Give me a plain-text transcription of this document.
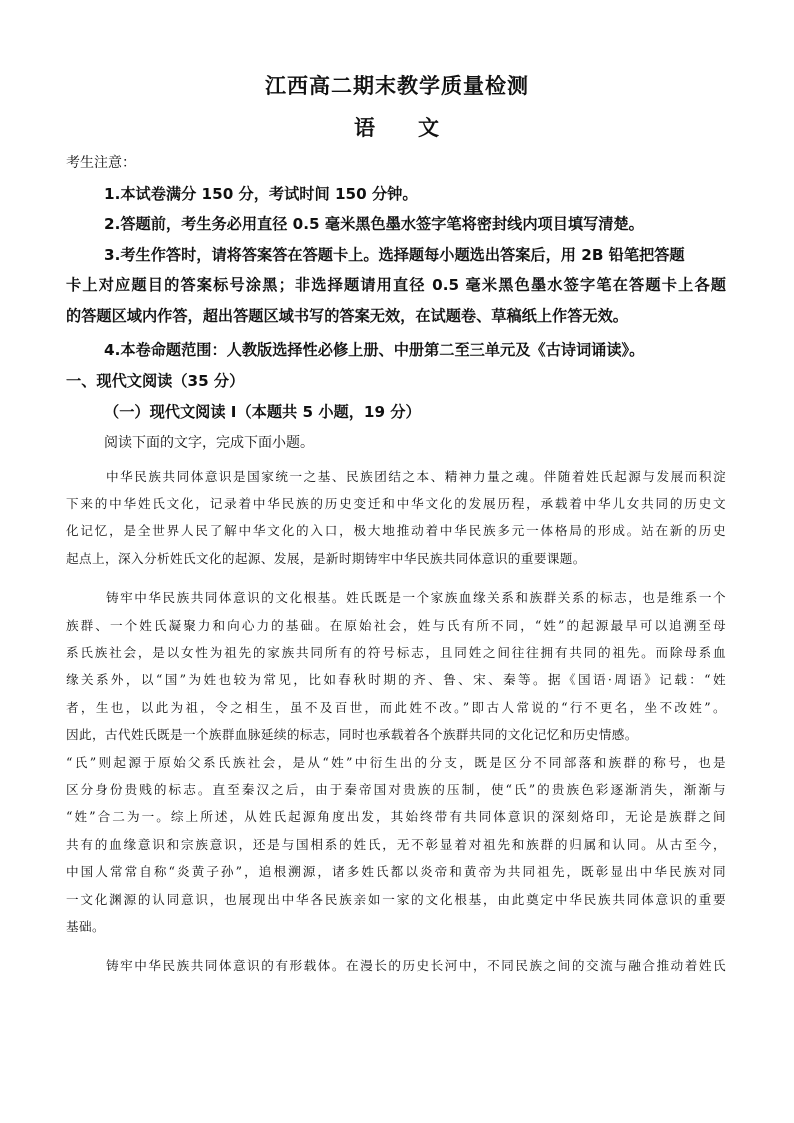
江西高二期末教学质量检测
语 文
考生注意：
1.本试卷满分 150 分，考试时间 150 分钟。
2.答题前，考生务必用直径 0.5 毫米黑色墨水签字笔将密封线内项目填写清楚。
3.考生作答时，请将答案答在答题卡上。选择题每小题选出答案后，用 2B 铅笔把答题
卡上对应题目的答案标号涂黑；非选择题请用直径 0.5 毫米黑色墨水签字笔在答题卡上各题
的答题区域内作答，超出答题区域书写的答案无效，在试题卷、草稿纸上作答无效。
4.本卷命题范围：人教版选择性必修上册、中册第二至三单元及《古诗词诵读》。
一、现代文阅读（35 分）
（一）现代文阅读 I（本题共 5 小题，19 分）
阅读下面的文字，完成下面小题。
中华民族共同体意识是国家统一之基、民族团结之本、精神力量之魂。伴随着姓氏起源与发展而积淀
下来的中华姓氏文化，记录着中华民族的历史变迁和中华文化的发展历程，承载着中华儿女共同的历史文
化记忆，是全世界人民了解中华文化的入口，极大地推动着中华民族多元一体格局的形成。站在新的历史
起点上，深入分析姓氏文化的起源、发展，是新时期铸牢中华民族共同体意识的重要课题。
铸牢中华民族共同体意识的文化根基。姓氏既是一个家族血缘关系和族群关系的标志，也是维系一个
族群、一个姓氏凝聚力和向心力的基础。在原始社会，姓与氏有所不同，“姓”的起源最早可以追溯至母
系氏族社会，是以女性为祖先的家族共同所有的符号标志，且同姓之间往往拥有共同的祖先。而除母系血
缘关系外，以“国”为姓也较为常见，比如春秋时期的齐、鲁、宋、秦等。据《国语·周语》记载：“姓
者，生也，以此为祖，令之相生，虽不及百世，而此姓不改。”即古人常说的“行不更名，坐不改姓”。
因此，古代姓氏既是一个族群血脉延续的标志，同时也承载着各个族群共同的文化记忆和历史情感。
“氏”则起源于原始父系氏族社会，是从“姓”中衍生出的分支，既是区分不同部落和族群的称号，也是
区分身份贵贱的标志。直至秦汉之后，由于秦帝国对贵族的压制，使“氏”的贵族色彩逐渐消失，渐渐与
“姓”合二为一。综上所述，从姓氏起源角度出发，其始终带有共同体意识的深刻烙印，无论是族群之间
共有的血缘意识和宗族意识，还是与国相系的姓氏，无不彰显着对祖先和族群的归属和认同。从古至今，
中国人常常自称“炎黄子孙”，追根溯源，诸多姓氏都以炎帝和黄帝为共同祖先，既彰显出中华民族对同
一文化渊源的认同意识，也展现出中华各民族亲如一家的文化根基，由此奠定中华民族共同体意识的重要
基础。
铸牢中华民族共同体意识的有形载体。在漫长的历史长河中，不同民族之间的交流与融合推动着姓氏
